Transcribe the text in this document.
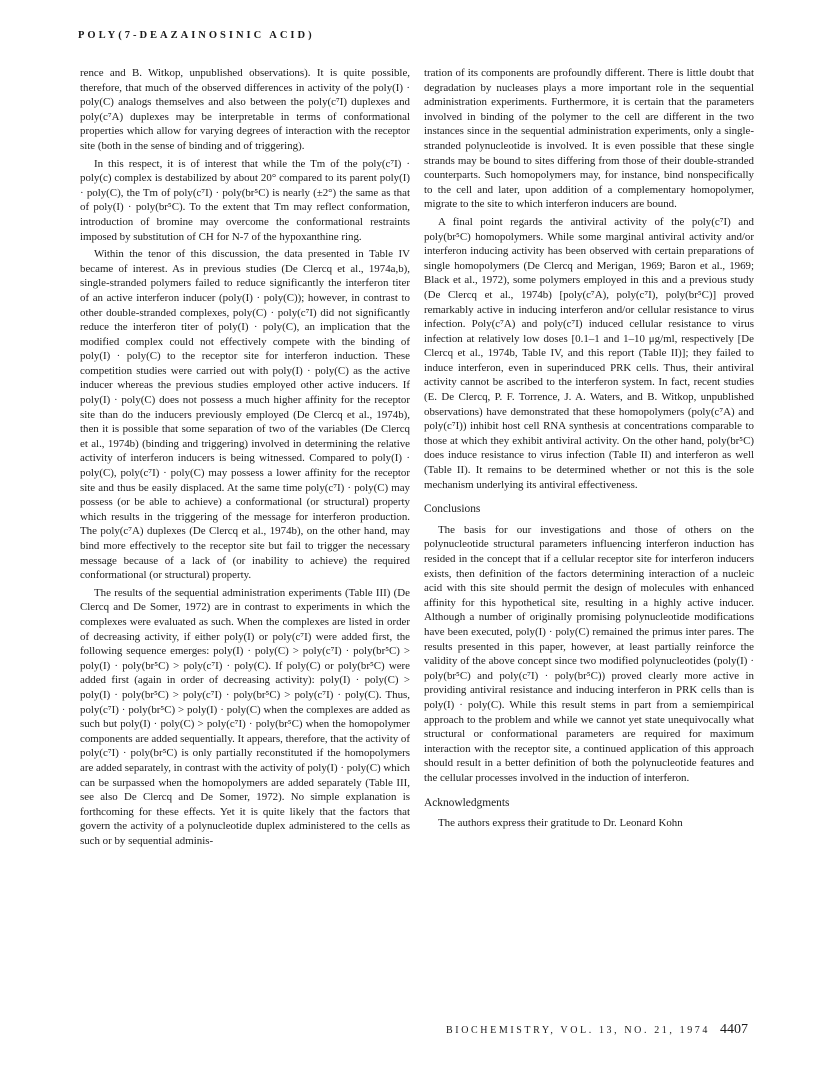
POLY(7-DEAZAINOSINIC ACID)

rence and B. Witkop, unpublished observations). It is quite possible, therefore, that much of the observed differences in activity of the poly(I) · poly(C) analogs themselves and also between the poly(c⁷I) duplexes and poly(c⁷A) duplexes may be interpretable in terms of conformational properties which allow for varying degrees of interaction with the receptor site (both in the sense of binding and of triggering).

In this respect, it is of interest that while the Tm of the poly(c⁷I) · poly(c) complex is destabilized by about 20° compared to its parent poly(I) · poly(C), the Tm of poly(c⁷I) · poly(br⁵C) is nearly (±2°) the same as that of poly(I) · poly(br⁵C). To the extent that Tm may reflect conformation, introduction of bromine may overcome the conformational restraints imposed by substitution of CH for N-7 of the hypoxanthine ring.

Within the tenor of this discussion, the data presented in Table IV became of interest. As in previous studies (De Clercq et al., 1974a,b), single-stranded polymers failed to reduce significantly the interferon titer of an active interferon inducer (poly(I) · poly(C)); however, in contrast to other double-stranded complexes, poly(C) · poly(c⁷I) did not significantly reduce the interferon titer of poly(I) · poly(C), an implication that the modified complex could not effectively compete with the binding of poly(I) · poly(C) to the receptor site for interferon induction. These competition studies were carried out with poly(I) · poly(C) as the active inducer whereas the previous studies employed other active inducers. If poly(I) · poly(C) does not possess a much higher affinity for the receptor site than do the inducers previously employed (De Clercq et al., 1974b), then it is possible that some separation of two of the variables (De Clercq et al., 1974b) (binding and triggering) involved in determining the relative activity of interferon inducers is being witnessed. Compared to poly(I) · poly(C), poly(c⁷I) · poly(C) may possess a lower affinity for the receptor site and thus be easily displaced. At the same time poly(c⁷I) · poly(C) may possess (or be able to achieve) a conformational (or structural) property which results in the triggering of the message for interferon production. The poly(c⁷A) duplexes (De Clercq et al., 1974b), on the other hand, may bind more effectively to the receptor site but fail to trigger the necessary message because of a lack of (or inability to achieve) the required conformational (or structural) property.

The results of the sequential administration experiments (Table III) (De Clercq and De Somer, 1972) are in contrast to experiments in which the complexes were evaluated as such. When the complexes are listed in order of decreasing activity, if either poly(I) or poly(c⁷I) were added first, the following sequence emerges: poly(I) · poly(C) > poly(c⁷I) · poly(br⁵C) > poly(I) · poly(br⁵C) > poly(c⁷I) · poly(C). If poly(C) or poly(br⁵C) were added first (again in order of decreasing activity): poly(I) · poly(C) > poly(I) · poly(br⁵C) > poly(c⁷I) · poly(br⁵C) > poly(c⁷I) · poly(C). Thus, poly(c⁷I) · poly(br⁵C) > poly(I) · poly(C) when the complexes are added as such but poly(I) · poly(C) > poly(c⁷I) · poly(br⁵C) when the homopolymer components are added sequentially. It appears, therefore, that the activity of poly(c⁷I) · poly(br⁵C) is only partially reconstituted if the homopolymers are added separately, in contrast with the activity of poly(I) · poly(C) which can be surpassed when the homopolymers are added separately (Table III, see also De Clercq and De Somer, 1972). No simple explanation is forthcoming for these effects. Yet it is quite likely that the factors that govern the activity of a polynucleotide duplex administered to the cells as such or by sequential adminis-

tration of its components are profoundly different. There is little doubt that degradation by nucleases plays a more important role in the sequential administration experiments. Furthermore, it is certain that the parameters involved in binding of the polymer to the cell are different in the two instances since in the sequential administration experiments, only a single-stranded polynucleotide is involved. It is even possible that these single strands may be bound to sites differing from those of their double-stranded counterparts. Such homopolymers may, for instance, bind nonspecifically to the cell and later, upon addition of a complementary homopolymer, migrate to the site to which interferon inducers are bound.

A final point regards the antiviral activity of the poly(c⁷I) and poly(br⁵C) homopolymers. While some marginal antiviral activity and/or interferon inducing activity has been observed with certain preparations of single homopolymers (De Clercq and Merigan, 1969; Baron et al., 1969; Black et al., 1972), some polymers employed in this and a previous study (De Clercq et al., 1974b) [poly(c⁷A), poly(c⁷I), poly(br⁵C)] proved remarkably active in inducing interferon and/or cellular resistance to virus infection. Poly(c⁷A) and poly(c⁷I) induced cellular resistance to virus infection at relatively low doses [0.1–1 and 1–10 μg/ml, respectively [De Clercq et al., 1974b, Table IV, and this report (Table II)]; they failed to induce interferon, even in superinduced PRK cells. Thus, their antiviral activity cannot be ascribed to the interferon system. In fact, recent studies (E. De Clercq, P. F. Torrence, J. A. Waters, and B. Witkop, unpublished observations) have demonstrated that these homopolymers (poly(c⁷A) and poly(c⁷I)) inhibit host cell RNA synthesis at concentrations comparable to those at which they exhibit antiviral activity. On the other hand, poly(br⁵C) does induce resistance to virus infection (Table II) and interferon as well (Table II). It remains to be determined whether or not this is the sole mechanism underlying its antiviral effectiveness.

Conclusions

The basis for our investigations and those of others on the polynucleotide structural parameters influencing interferon induction has resided in the concept that if a cellular receptor site for interferon inducers exists, then definition of the factors determining interaction of a nucleic acid with this site should permit the design of molecules with enhanced affinity for this hypothetical site, resulting in a highly active inducer. Although a number of originally promising polynucleotide modifications have been executed, poly(I) · poly(C) remained the primus inter pares. The results presented in this paper, however, at least partially reinforce the validity of the above concept since two modified polynucleotides (poly(I) · poly(br⁵C) and poly(c⁷I) · poly(br⁵C)) proved clearly more active in providing antiviral resistance and inducing interferon in PRK cells than is poly(I) · poly(C). While this result stems in part from a semiempirical approach to the problem and while we cannot yet state unequivocally what structural or conformational parameters are required for maximum interaction with the receptor site, a continued application of this approach should result in a better definition of both the polynucleotide features and the cellular processes involved in the induction of interferon.

Acknowledgments

The authors express their gratitude to Dr. Leonard Kohn

BIOCHEMISTRY, VOL. 13, NO. 21, 1974 4407
